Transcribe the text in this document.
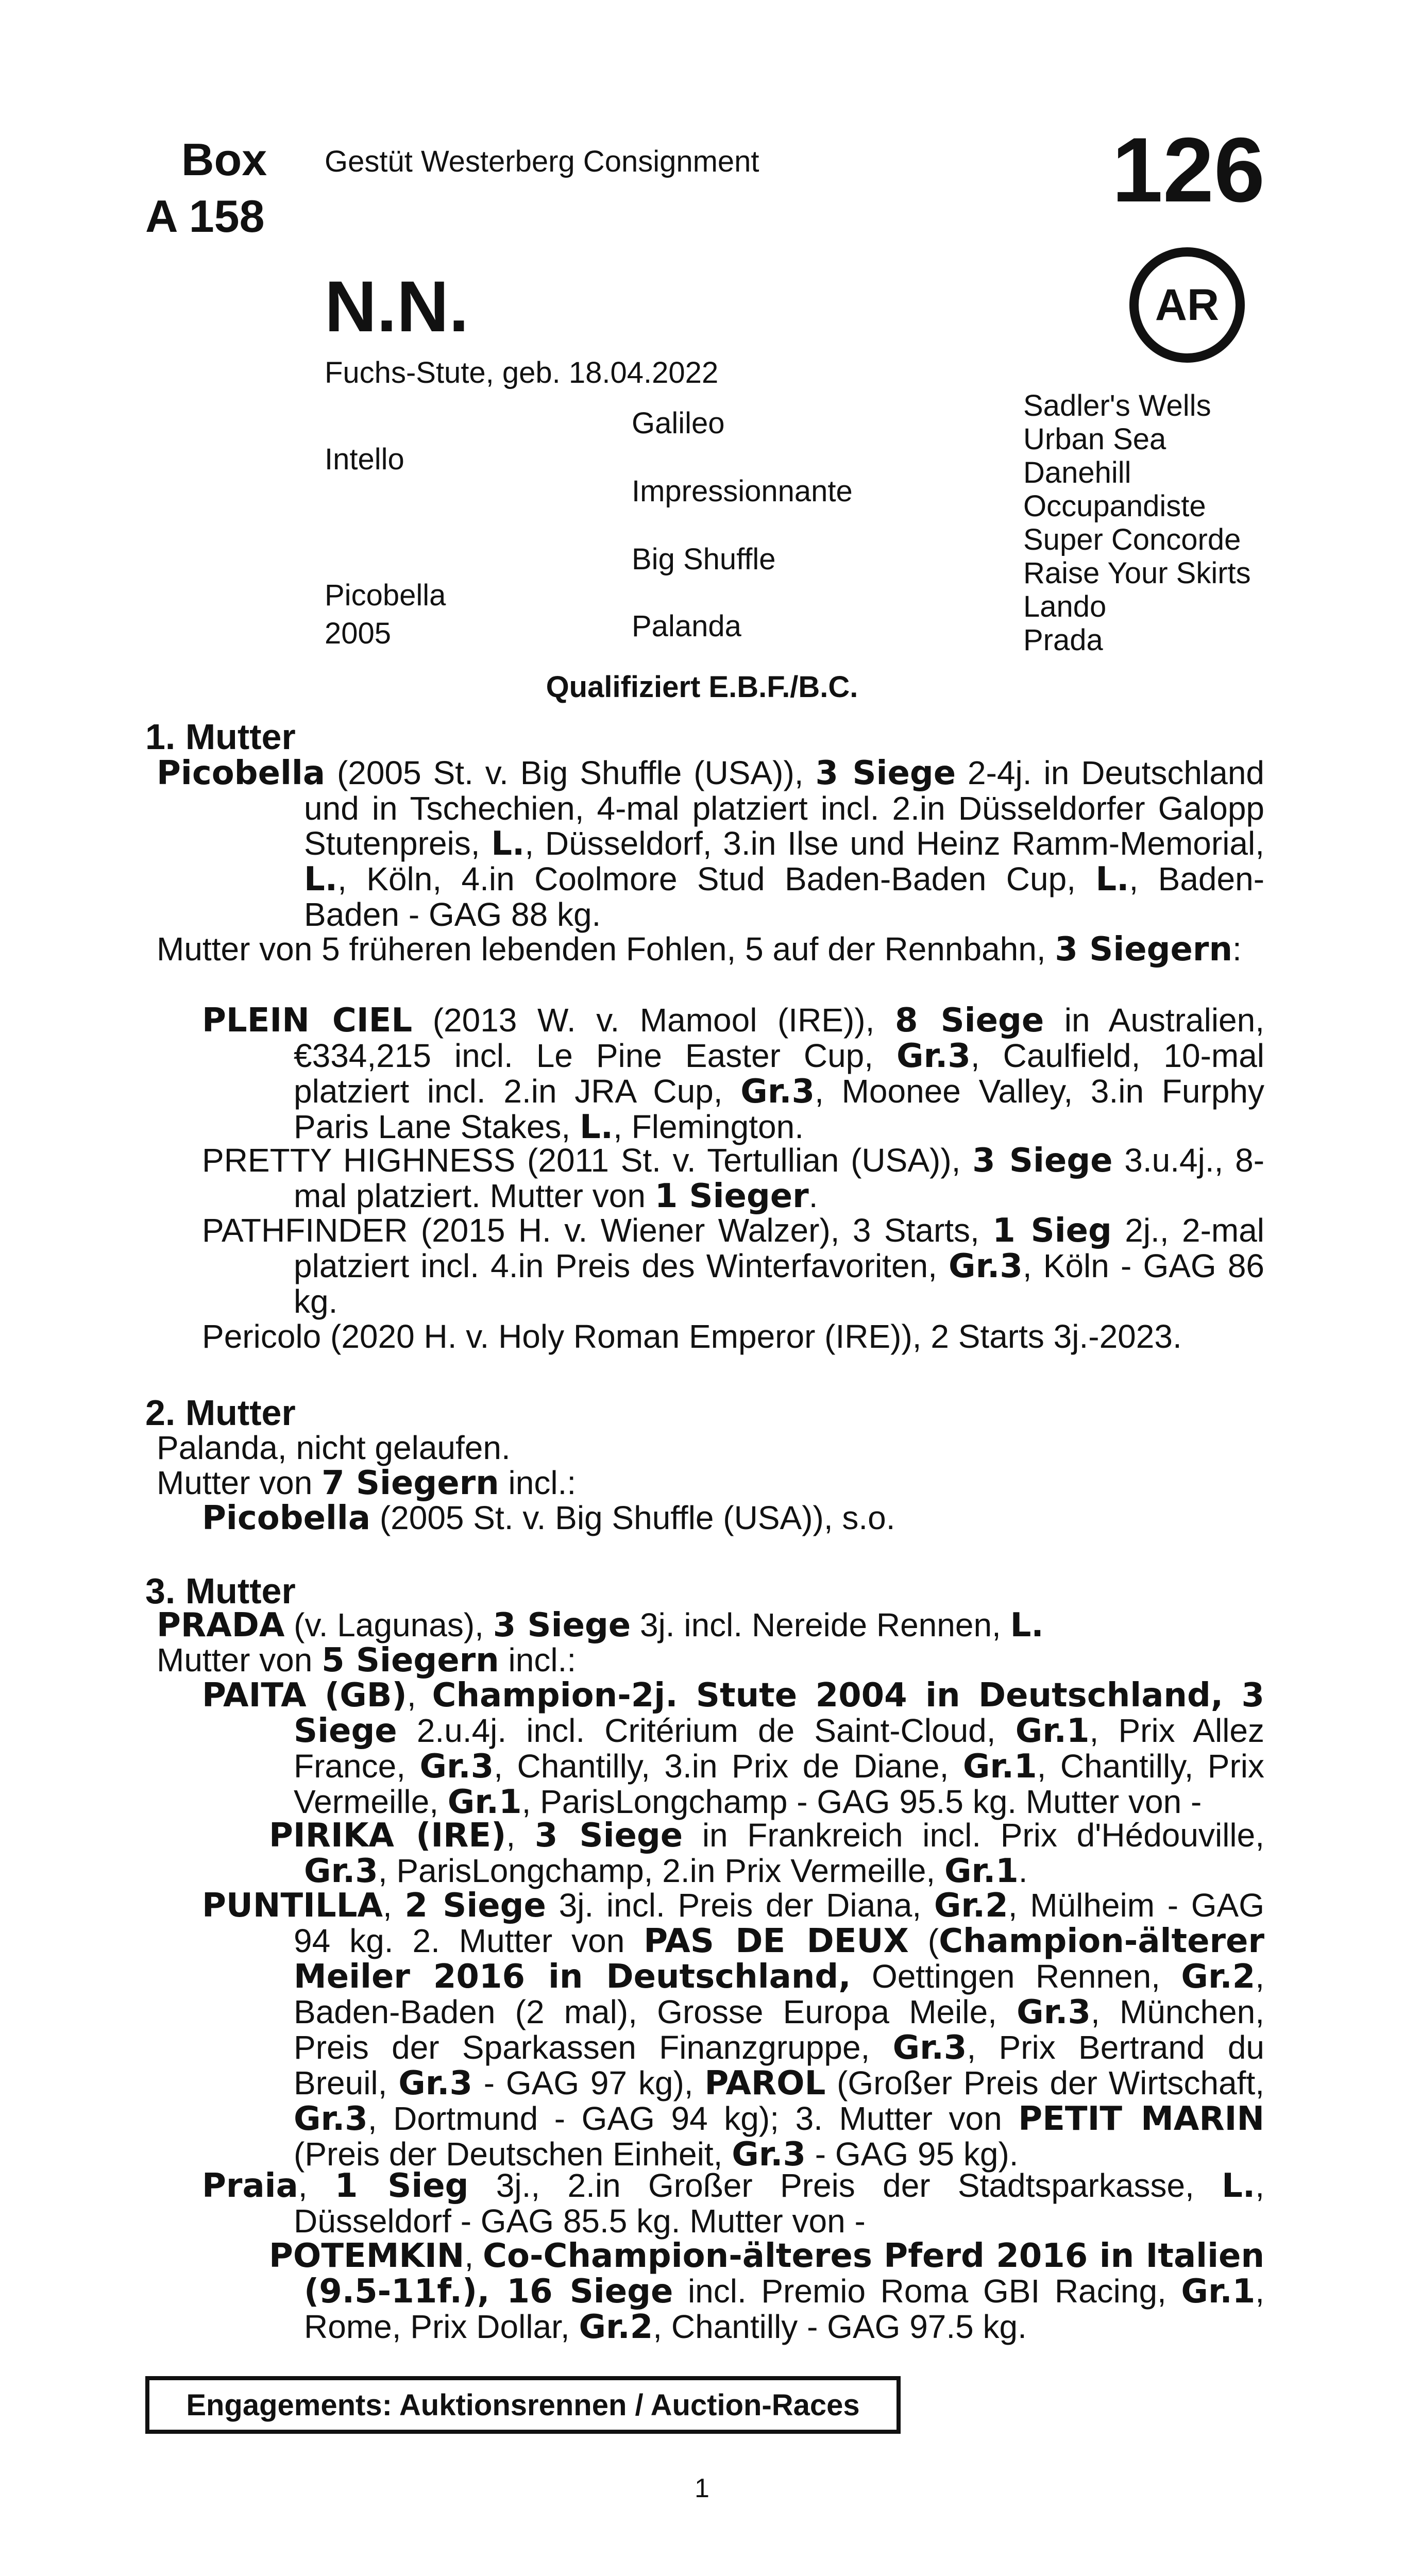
Box
A 158
Gestüt Westerberg Consignment	126
AR
N.N.
Fuchs-Stute, geb. 18.04.2022
Intello
Picobella
2005
Galileo
Impressionnante
Big Shuffle
Palanda
Sadler's Wells
Urban Sea
Danehill
Occupandiste
Super Concorde
Raise Your Skirts
Lando
Prada
Qualifiziert E.B.F./B.C.
1. Mutter
Picobella (2005 St. v. Big Shuffle (USA)), 3 Siege 2-4j. in Deutschland und in Tschechien, 4-mal platziert incl. 2.in Düsseldorfer Galopp Stutenpreis, L., Düsseldorf, 3.in Ilse und Heinz Ramm-Memorial, L., Köln, 4.in Coolmore Stud Baden-Baden Cup, L., Baden-Baden - GAG 88 kg.
Mutter von 5 früheren lebenden Fohlen, 5 auf der Rennbahn, 3 Siegern:
PLEIN CIEL (2013 W. v. Mamool (IRE)), 8 Siege in Australien, €334,215 incl. Le Pine Easter Cup, Gr.3, Caulfield, 10-mal platziert incl. 2.in JRA Cup, Gr.3, Moonee Valley, 3.in Furphy Paris Lane Stakes, L., Flemington.
PRETTY HIGHNESS (2011 St. v. Tertullian (USA)), 3 Siege 3.u.4j., 8-mal platziert. Mutter von 1 Sieger.
PATHFINDER (2015 H. v. Wiener Walzer), 3 Starts, 1 Sieg 2j., 2-mal platziert incl. 4.in Preis des Winterfavoriten, Gr.3, Köln - GAG 86 kg.
Pericolo (2020 H. v. Holy Roman Emperor (IRE)), 2 Starts 3j.-2023.
2. Mutter
Palanda, nicht gelaufen.
Mutter von 7 Siegern incl.:
Picobella (2005 St. v. Big Shuffle (USA)), s.o.
3. Mutter
PRADA (v. Lagunas), 3 Siege 3j. incl. Nereide Rennen, L.
Mutter von 5 Siegern incl.:
PAITA (GB), Champion-2j. Stute 2004 in Deutschland, 3 Siege 2.u.4j. incl. Critérium de Saint-Cloud, Gr.1, Prix Allez France, Gr.3, Chantilly, 3.in Prix de Diane, Gr.1, Chantilly, Prix Vermeille, Gr.1, ParisLongchamp - GAG 95.5 kg. Mutter von -
PIRIKA (IRE), 3 Siege in Frankreich incl. Prix d'Hédouville, Gr.3, ParisLongchamp, 2.in Prix Vermeille, Gr.1.
PUNTILLA, 2 Siege 3j. incl. Preis der Diana, Gr.2, Mülheim - GAG 94 kg. 2. Mutter von PAS DE DEUX (Champion-älterer Meiler 2016 in Deutschland, Oettingen Rennen, Gr.2, Baden-Baden (2 mal), Grosse Europa Meile, Gr.3, München, Preis der Sparkassen Finanzgruppe, Gr.3, Prix Bertrand du Breuil, Gr.3 - GAG 97 kg), PAROL (Großer Preis der Wirtschaft, Gr.3, Dortmund - GAG 94 kg); 3. Mutter von PETIT MARIN (Preis der Deutschen Einheit, Gr.3 - GAG 95 kg).
Praia, 1 Sieg 3j., 2.in Großer Preis der Stadtsparkasse, L., Düsseldorf - GAG 85.5 kg. Mutter von -
POTEMKIN, Co-Champion-älteres Pferd 2016 in Italien (9.5-11f.), 16 Siege incl. Premio Roma GBI Racing, Gr.1, Rome, Prix Dollar, Gr.2, Chantilly - GAG 97.5 kg.
Engagements: Auktionsrennen / Auction-Races
1
